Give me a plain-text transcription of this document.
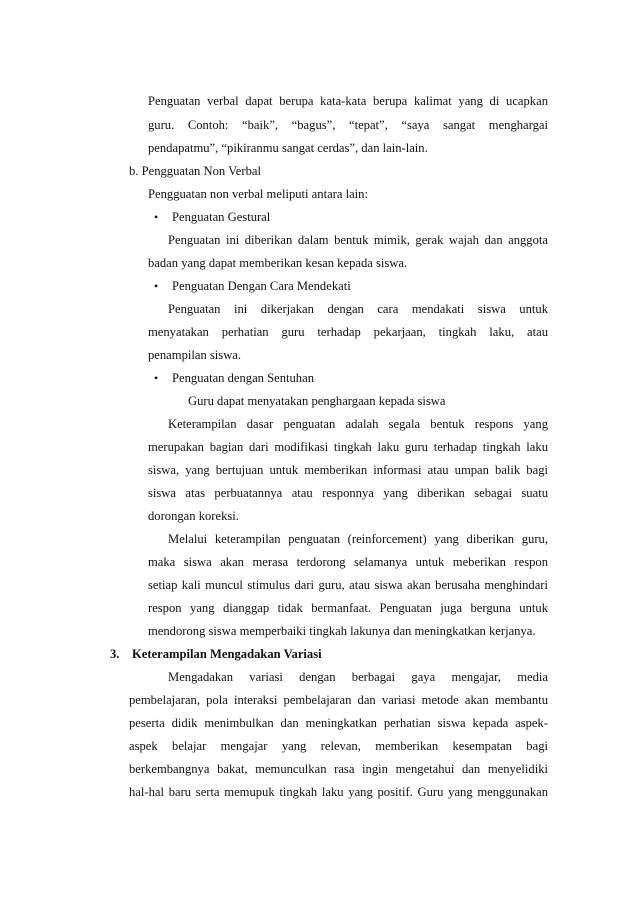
Penguatan verbal dapat berupa kata-kata berupa kalimat yang di ucapkan
guru. Contoh: “baik”, “bagus”, “tepat”, “saya sangat menghargai
pendapatmu”, “pikiranmu sangat cerdas”, dan lain-lain.
b. Pengguatan Non Verbal
Pengguatan non verbal meliputi antara lain:
• Penguatan Gestural
Penguatan ini diberikan dalam bentuk mimik, gerak wajah dan anggota
badan yang dapat memberikan kesan kepada siswa.
• Penguatan Dengan Cara Mendekati
Penguatan ini dikerjakan dengan cara mendakati siswa untuk
menyatakan perhatian guru terhadap pekarjaan, tingkah laku, atau
penampilan siswa.
• Penguatan dengan Sentuhan
Guru dapat menyatakan penghargaan kepada siswa
Keterampilan dasar penguatan adalah segala bentuk respons yang
merupakan bagian dari modifikasi tingkah laku guru terhadap tingkah laku
siswa, yang bertujuan untuk memberikan informasi atau umpan balik bagi
siswa atas perbuatannya atau responnya yang diberikan sebagai suatu
dorongan koreksi.
Melalui keterampilan penguatan (reinforcement) yang diberikan guru,
maka siswa akan merasa terdorong selamanya untuk meberikan respon
setiap kali muncul stimulus dari guru, atau siswa akan berusaha menghindari
respon yang dianggap tidak bermanfaat. Penguatan juga berguna untuk
mendorong siswa memperbaiki tingkah lakunya dan meningkatkan kerjanya.
3. Keterampilan Mengadakan Variasi
Mengadakan variasi dengan berbagai gaya mengajar, media
pembelajaran, pola interaksi pembelajaran dan variasi metode akan membantu
peserta didik menimbulkan dan meningkatkan perhatian siswa kepada aspek-
aspek belajar mengajar yang relevan, memberikan kesempatan bagi
berkembangnya bakat, memunculkan rasa ingin mengetahui dan menyelidiki
hal-hal baru serta memupuk tingkah laku yang positif. Guru yang menggunakan
